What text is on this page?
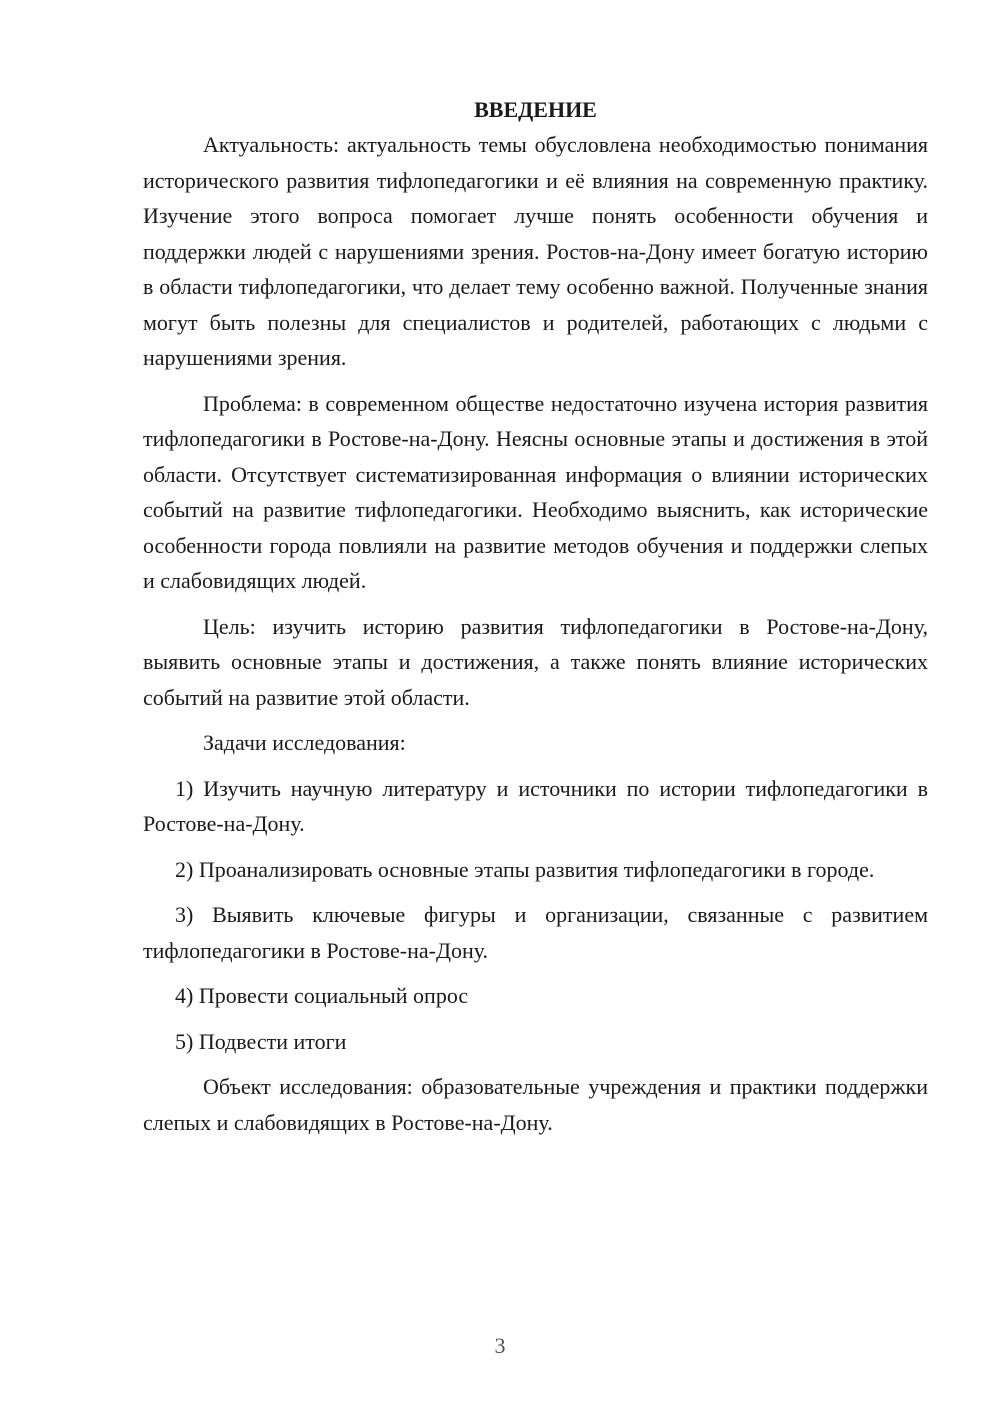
ВВЕДЕНИЕ

Актуальность: актуальность темы обусловлена необходимостью понимания исторического развития тифлопедагогики и её влияния на современную практику. Изучение этого вопроса помогает лучше понять особенности обучения и поддержки людей с нарушениями зрения. Ростов-на-Дону имеет богатую историю в области тифлопедагогики, что делает тему особенно важной. Полученные знания могут быть полезны для специалистов и родителей, работающих с людьми с нарушениями зрения.

Проблема: в современном обществе недостаточно изучена история развития тифлопедагогики в Ростове-на-Дону. Неясны основные этапы и достижения в этой области. Отсутствует систематизированная информация о влиянии исторических событий на развитие тифлопедагогики. Необходимо выяснить, как исторические особенности города повлияли на развитие методов обучения и поддержки слепых и слабовидящих людей.

Цель: изучить историю развития тифлопедагогики в Ростове-на-Дону, выявить основные этапы и достижения, а также понять влияние исторических событий на развитие этой области.

Задачи исследования:

1) Изучить научную литературу и источники по истории тифлопедагогики в Ростове-на-Дону.

2) Проанализировать основные этапы развития тифлопедагогики в городе.

3) Выявить ключевые фигуры и организации, связанные с развитием тифлопедагогики в Ростове-на-Дону.

4) Провести социальный опрос

5) Подвести итоги

Объект исследования: образовательные учреждения и практики поддержки слепых и слабовидящих в Ростове-на-Дону.

3
